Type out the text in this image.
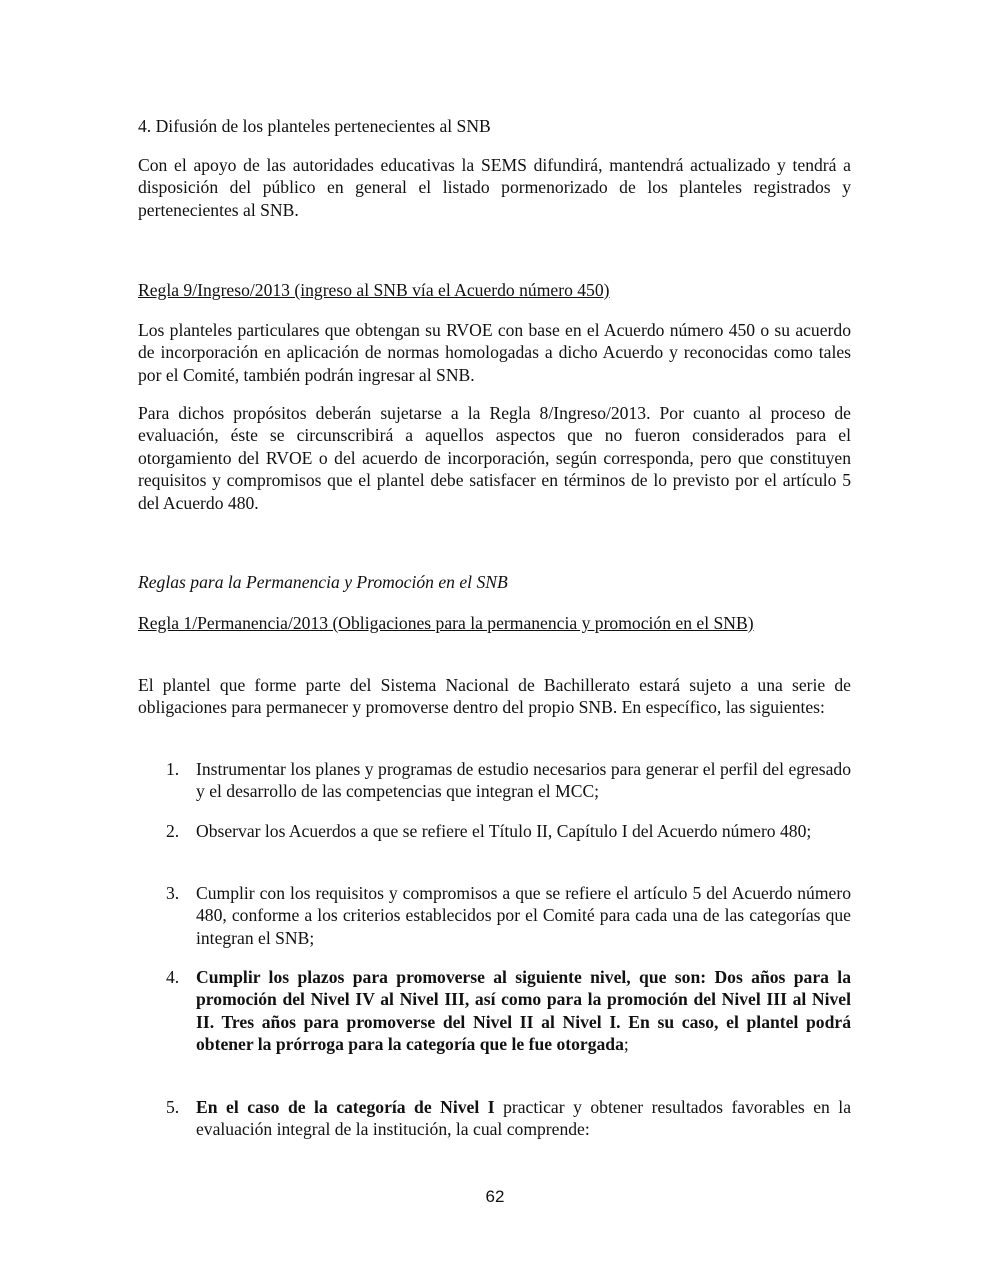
4. Difusión de los planteles pertenecientes al SNB

Con el apoyo de las autoridades educativas la SEMS difundirá, mantendrá actualizado y tendrá a disposición del público en general el listado pormenorizado de los planteles registrados y pertenecientes al SNB.

Regla 9/Ingreso/2013 (ingreso al SNB vía el Acuerdo número 450)

Los planteles particulares que obtengan su RVOE con base en el Acuerdo número 450 o su acuerdo de incorporación en aplicación de normas homologadas a dicho Acuerdo y reconocidas como tales por el Comité, también podrán ingresar al SNB.

Para dichos propósitos deberán sujetarse a la Regla 8/Ingreso/2013. Por cuanto al proceso de evaluación, éste se circunscribirá a aquellos aspectos que no fueron considerados para el otorgamiento del RVOE o del acuerdo de incorporación, según corresponda, pero que constituyen requisitos y compromisos que el plantel debe satisfacer en términos de lo previsto por el artículo 5 del Acuerdo 480.

Reglas para la Permanencia y Promoción en el SNB

Regla 1/Permanencia/2013 (Obligaciones para la permanencia y promoción en el SNB)

El plantel que forme parte del Sistema Nacional de Bachillerato estará sujeto a una serie de obligaciones para permanecer y promoverse dentro del propio SNB. En específico, las siguientes:

1. Instrumentar los planes y programas de estudio necesarios para generar el perfil del egresado y el desarrollo de las competencias que integran el MCC;
2. Observar los Acuerdos a que se refiere el Título II, Capítulo I del Acuerdo número 480;
3. Cumplir con los requisitos y compromisos a que se refiere el artículo 5 del Acuerdo número 480, conforme a los criterios establecidos por el Comité para cada una de las categorías que integran el SNB;
4. Cumplir los plazos para promoverse al siguiente nivel, que son: Dos años para la promoción del Nivel IV al Nivel III, así como para la promoción del Nivel III al Nivel II. Tres años para promoverse del Nivel II al Nivel I. En su caso, el plantel podrá obtener la prórroga para la categoría que le fue otorgada;
5. En el caso de la categoría de Nivel I practicar y obtener resultados favorables en la evaluación integral de la institución, la cual comprende:
62
